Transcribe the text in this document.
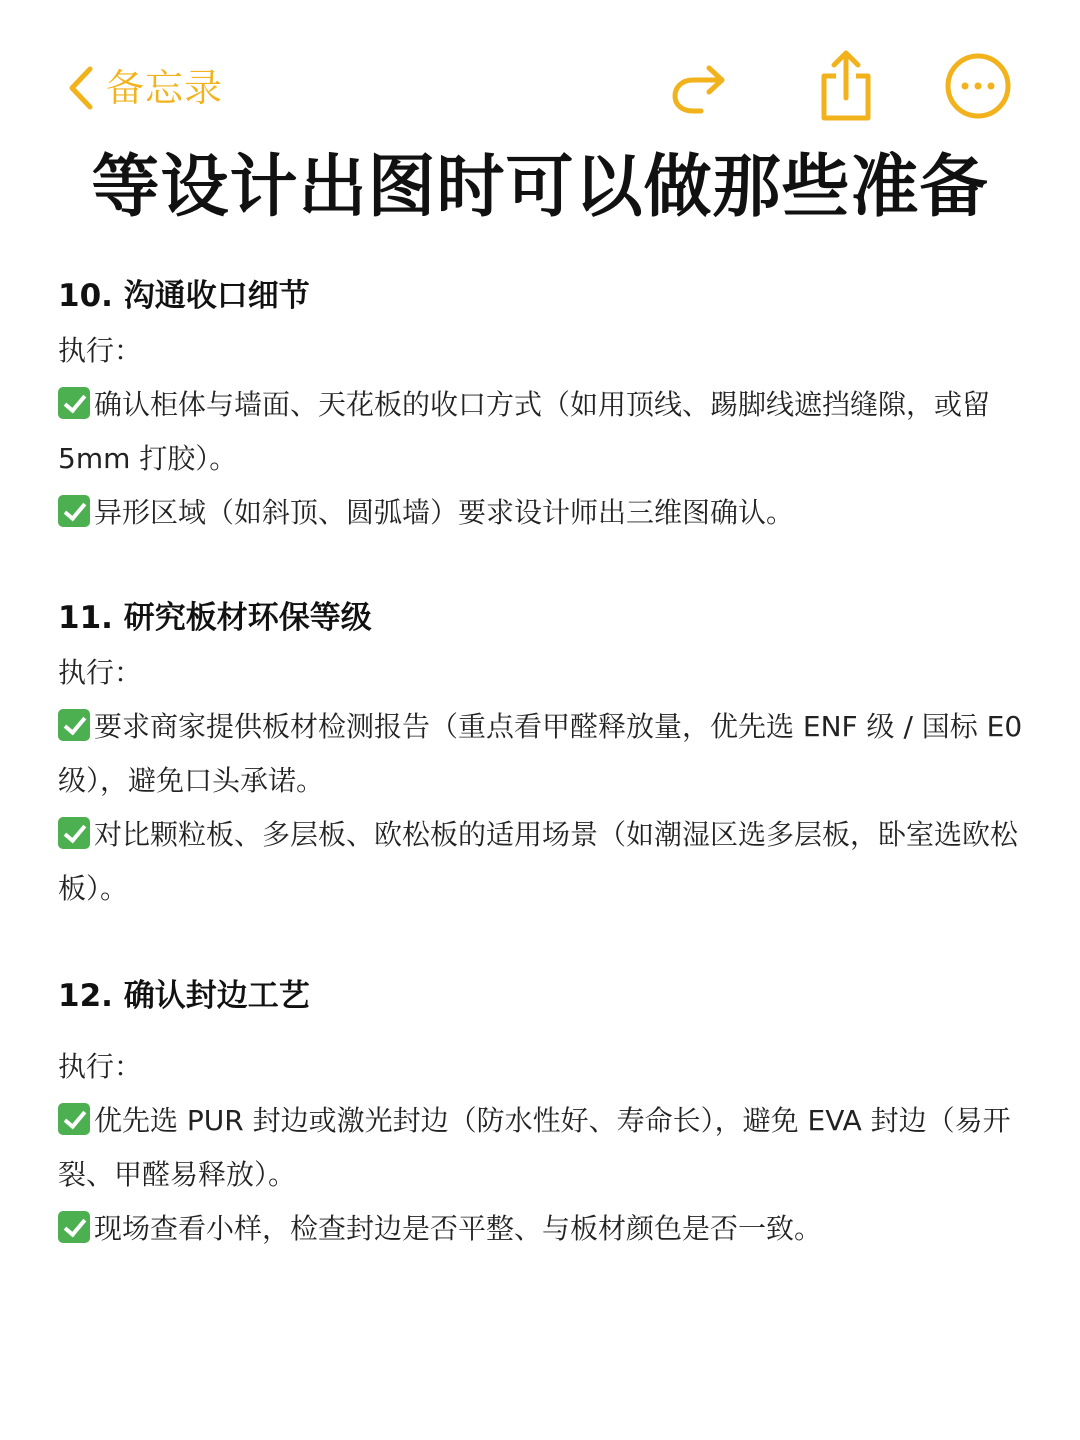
备忘录
等设计出图时可以做那些准备
10. 沟通收口细节
执行：
确认柜体与墙面、天花板的收口方式（如用顶线、踢脚线遮挡缝隙，或留 5mm 打胶）。
异形区域（如斜顶、圆弧墙）要求设计师出三维图确认。
11. 研究板材环保等级
执行：
要求商家提供板材检测报告（重点看甲醛释放量，优先选 ENF 级 / 国标 E0 级），避免口头承诺。
对比颗粒板、多层板、欧松板的适用场景（如潮湿区选多层板，卧室选欧松板）。
12. 确认封边工艺
执行：
优先选 PUR 封边或激光封边（防水性好、寿命长），避免 EVA 封边（易开裂、甲醛易释放）。
现场查看小样，检查封边是否平整、与板材颜色是否一致。
